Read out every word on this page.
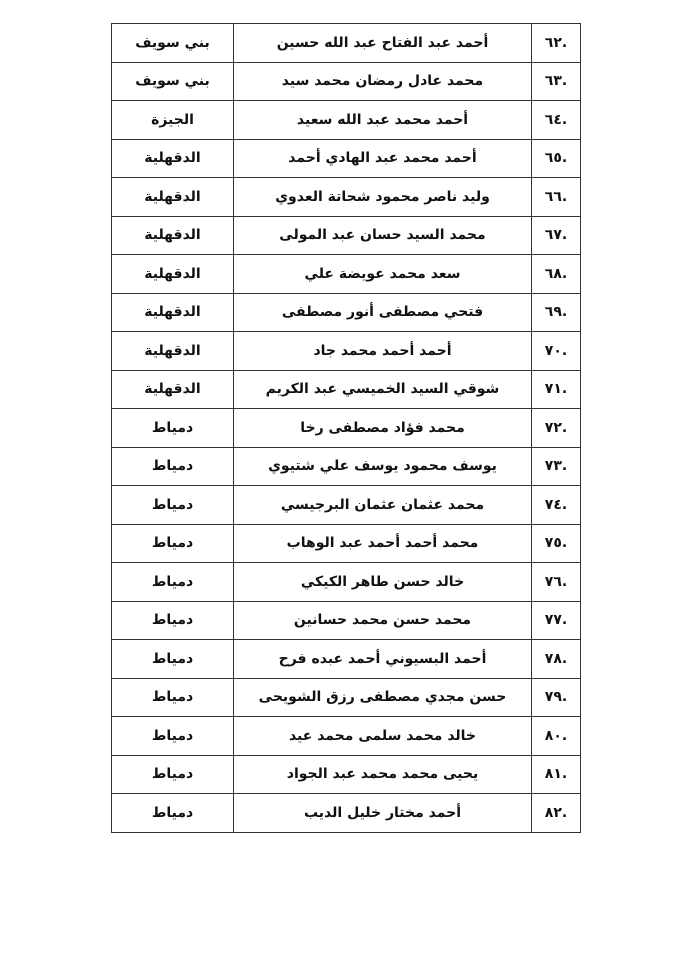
.٦٢	أحمد عبد الفتاح عبد الله حسين	بني سويف
.٦٣	محمد عادل رمضان محمد سيد	بني سويف
.٦٤	أحمد محمد عبد الله سعيد	الجيزة
.٦٥	أحمد محمد عبد الهادي أحمد	الدقهلية
.٦٦	وليد ناصر محمود شحاتة العدوي	الدقهلية
.٦٧	محمد السيد حسان عبد المولى	الدقهلية
.٦٨	سعد محمد عويضة علي	الدقهلية
.٦٩	فتحي مصطفى أنور مصطفى	الدقهلية
.٧٠	أحمد أحمد محمد جاد	الدقهلية
.٧١	شوقي السيد الخميسي عبد الكريم	الدقهلية
.٧٢	محمد فؤاد مصطفى رخا	دمياط
.٧٣	يوسف محمود يوسف علي شتيوي	دمياط
.٧٤	محمد عثمان عثمان البرجيسي	دمياط
.٧٥	محمد أحمد أحمد عبد الوهاب	دمياط
.٧٦	خالد حسن طاهر الكيكي	دمياط
.٧٧	محمد حسن محمد حسانين	دمياط
.٧٨	أحمد البسيوني أحمد عبده فرح	دمياط
.٧٩	حسن مجدي مصطفى رزق الشويحى	دمياط
.٨٠	خالد محمد سلمى محمد عيد	دمياط
.٨١	يحيى محمد محمد عبد الجواد	دمياط
.٨٢	أحمد مختار خليل الديب	دمياط
